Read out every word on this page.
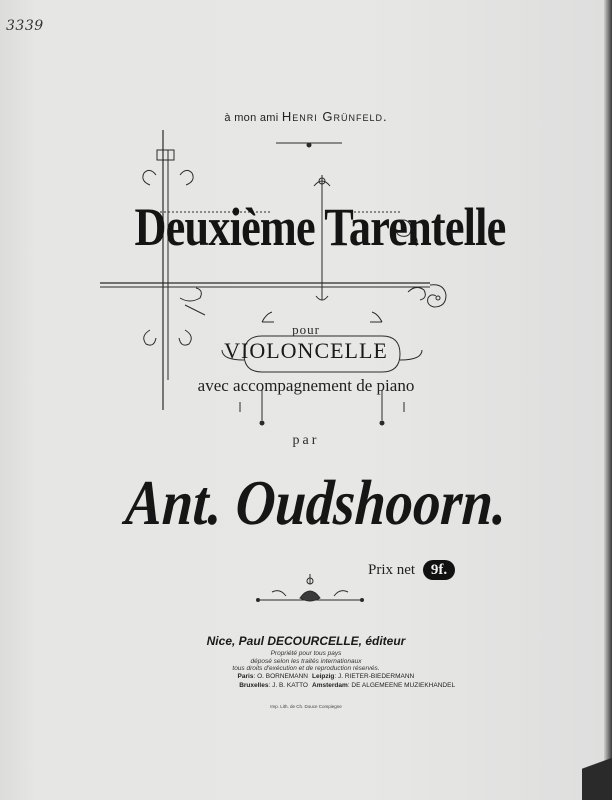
3339
à mon ami Henri Grünfeld.
Deuxième Tarentelle
pour
VIOLONCELLE
avec accompagnement de piano
par
Ant. Oudshoorn.
Prix net 9f.
Nice, Paul DECOURCELLE, éditeur
Propriété pour tous pays
déposé selon les traités internationaux
tous droits d'exécution et de reproduction réservés.
Paris: O. BORNEMANN
Bruxelles: J. B. KATTO
Leipzig: J. RIETER-BIEDERMANN
Amsterdam: DE ALGEMEENE MUZIEKHANDEL
Imp. Lith. de Ch. Douce Compiegne
